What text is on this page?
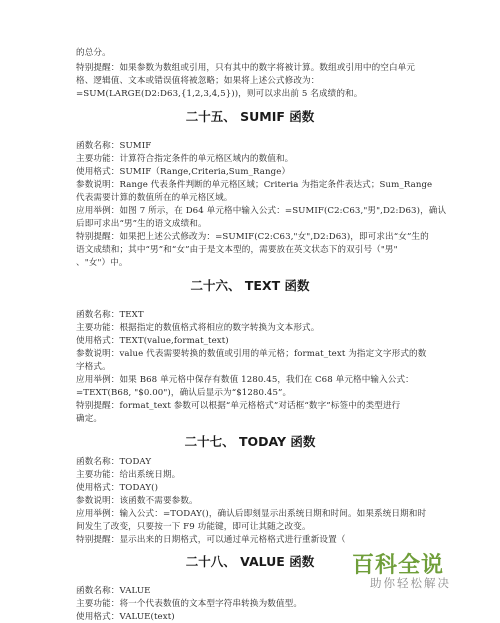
的总分。
特别提醒：如果参数为数组或引用，只有其中的数字将被计算。数组或引用中的空白单元
格、逻辑值、文本或错误值将被忽略；如果将上述公式修改为：
=SUM(LARGE(D2:D63,{1,2,3,4,5}))，则可以求出前 5 名成绩的和。
二十五、 SUMIF 函数
函数名称：SUMIF
主要功能：计算符合指定条件的单元格区域内的数值和。
使用格式：SUMIF（Range,Criteria,Sum_Range）
参数说明：Range 代表条件判断的单元格区域；Criteria 为指定条件表达式；Sum_Range
代表需要计算的数值所在的单元格区域。
应用举例：如图 7 所示，在 D64 单元格中输入公式：=SUMIF(C2:C63,"男",D2:D63)，确认
后即可求出“男”生的语文成绩和。
特别提醒：如果把上述公式修改为：=SUMIF(C2:C63,"女",D2:D63)，即可求出“女”生的
语文成绩和；其中“男”和“女”由于是文本型的，需要放在英文状态下的双引号（"男"
、"女"）中。
二十六、 TEXT 函数
函数名称：TEXT
主要功能：根据指定的数值格式将相应的数字转换为文本形式。
使用格式：TEXT(value,format_text)
参数说明：value 代表需要转换的数值或引用的单元格；format_text 为指定文字形式的数
字格式。
应用举例：如果 B68 单元格中保存有数值 1280.45，我们在 C68 单元格中输入公式：
=TEXT(B68, "$0.00")，确认后显示为“$1280.45”。
特别提醒：format_text 参数可以根据“单元格格式”对话框“数字”标签中的类型进行
确定。
二十七、 TODAY 函数
函数名称：TODAY
主要功能：给出系统日期。
使用格式：TODAY()
参数说明：该函数不需要参数。
应用举例：输入公式：=TODAY()，确认后即刻显示出系统日期和时间。如果系统日期和时
间发生了改变，只要按一下 F9 功能键，即可让其随之改变。
特别提醒：显示出来的日期格式，可以通过单元格格式进行重新设置（
二十八、 VALUE 函数
函数名称：VALUE
主要功能：将一个代表数值的文本型字符串转换为数值型。
使用格式：VALUE(text)
百科全说
助你轻松解决
